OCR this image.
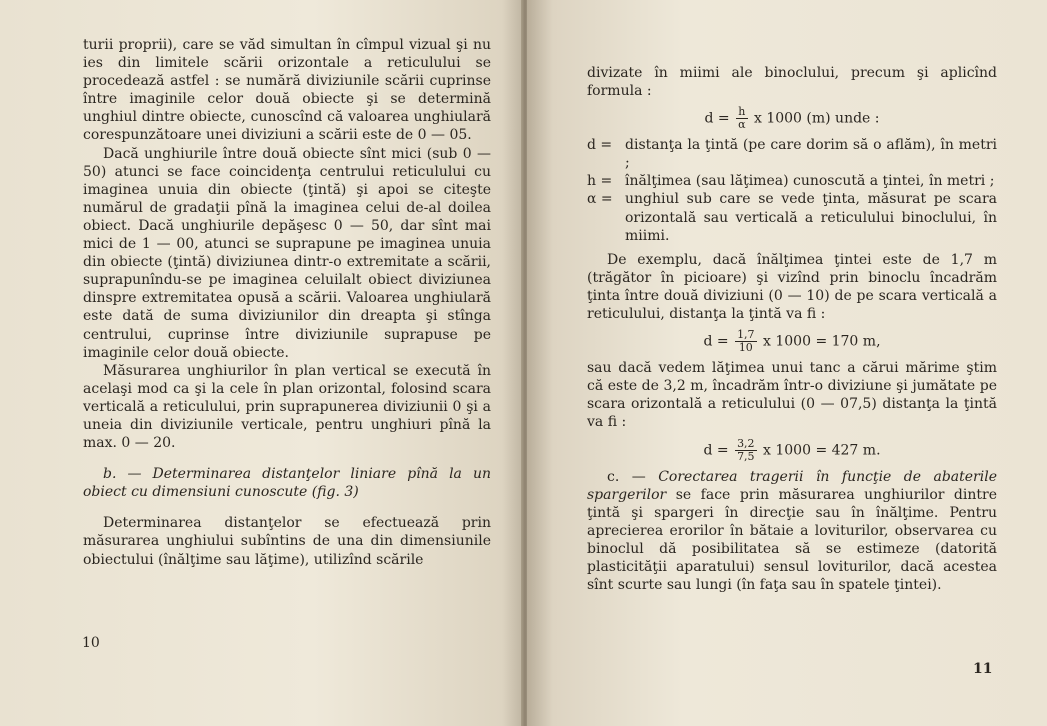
turii proprii), care se văd simultan în cîmpul vizual şi nu ies din limitele scării orizontale a reticulului se procedează astfel : se numără diviziunile scării cuprinse între imaginile celor două obiecte şi se determină unghiul dintre obiecte, cunoscînd că valoarea unghiulară corespunzătoare unei diviziuni a scării este de 0 — 05.

Dacă unghiurile între două obiecte sînt mici (sub 0 — 50) atunci se face coincidenţa centrului reticulului cu imaginea unuia din obiecte (ţintă) şi apoi se citeşte numărul de gradaţii pînă la imaginea celui de-al doilea obiect. Dacă unghiurile depăşesc 0 — 50, dar sînt mai mici de 1 — 00, atunci se suprapune pe imaginea unuia din obiecte (ţintă) diviziunea dintr-o extremitate a scării, suprapunîndu-se pe imaginea celuilalt obiect diviziunea dinspre extremitatea opusă a scării. Valoarea unghiulară este dată de suma diviziunilor din dreapta şi stînga centrului, cuprinse între diviziunile suprapuse pe imaginile celor două obiecte.

Măsurarea unghiurilor în plan vertical se execută în acelaşi mod ca şi la cele în plan orizontal, folosind scara verticală a reticulului, prin suprapunerea diviziunii 0 şi a uneia din diviziunile verticale, pentru unghiuri pînă la max. 0 — 20.

b. — Determinarea distanţelor liniare pînă la un obiect cu dimensiuni cunoscute (fig. 3)

Determinarea distanţelor se efectuează prin măsurarea unghiului subîntins de una din dimensiunile obiectului (înălţime sau lăţime), utilizînd scările

10

divizate în miimi ale binoclului, precum şi aplicînd formula :

$d = \frac{h}{\alpha}$ x 1000 (m) unde :
d = distanţa la ţintă (pe care dorim să o aflăm), în metri ;
h = înălţimea (sau lăţimea) cunoscută a ţintei, în metri ;
α = unghiul sub care se vede ţinta, măsurat pe scara orizontală sau verticală a reticulului binoclului, în miimi.

De exemplu, dacă înălţimea ţintei este de 1,7 m (trăgător în picioare) şi vizînd prin binoclu încadrăm ţinta între două diviziuni (0 — 10) de pe scara verticală a reticulului, distanţa la ţintă va fi :

$d = \frac{1,7}{10}$ x 1000 = 170 m,

sau dacă vedem lăţimea unui tanc a cărui mărime ştim că este de 3,2 m, încadrăm într-o diviziune şi jumătate pe scara orizontală a reticulului (0 — 07,5) distanţa la ţintă va fi :

$d = \frac{3,2}{7,5}$ x 1000 = 427 m.

c. — Corectarea tragerii în funcţie de abaterile spargerilor se face prin măsurarea unghiurilor dintre ţintă şi spargeri în direcţie sau în înălţime. Pentru aprecierea erorilor în bătaie a loviturilor, observarea cu binoclul dă posibilitatea să se estimeze (datorită plasticităţii aparatului) sensul loviturilor, dacă acestea sînt scurte sau lungi (în faţa sau în spatele ţintei).

11
